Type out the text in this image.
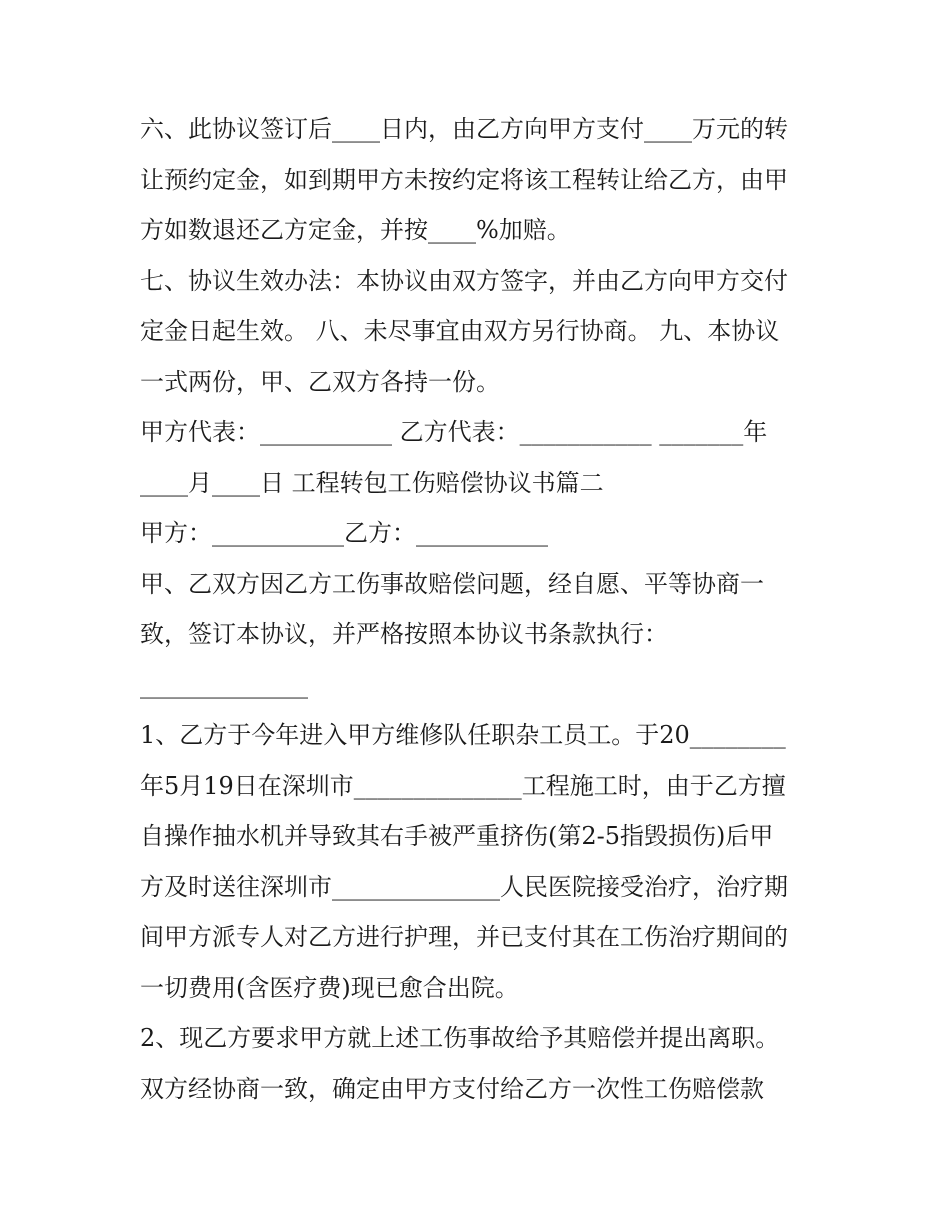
六、此协议签订后____日内，由乙方向甲方支付____万元的转

让预约定金，如到期甲方未按约定将该工程转让给乙方，由甲

方如数退还乙方定金，并按____%加赔。

七、协议生效办法：本协议由双方签字，并由乙方向甲方交付

定金日起生效。 八、未尽事宜由双方另行协商。 九、本协议

一式两份，甲、乙双方各持一份。

甲方代表：___________ 乙方代表：___________ _______年

____月____日 工程转包工伤赔偿协议书篇二

甲方：___________乙方：___________

甲、乙双方因乙方工伤事故赔偿问题，经自愿、平等协商一

致，签订本协议，并严格按照本协议书条款执行：

______________

1、乙方于今年进入甲方维修队任职杂工员工。于20________

年5月19日在深圳市______________工程施工时，由于乙方擅

自操作抽水机并导致其右手被严重挤伤(第2-5指毁损伤)后甲

方及时送往深圳市______________人民医院接受治疗，治疗期

间甲方派专人对乙方进行护理，并已支付其在工伤治疗期间的

一切费用(含医疗费)现已愈合出院。

2、现乙方要求甲方就上述工伤事故给予其赔偿并提出离职。

双方经协商一致，确定由甲方支付给乙方一次性工伤赔偿款
